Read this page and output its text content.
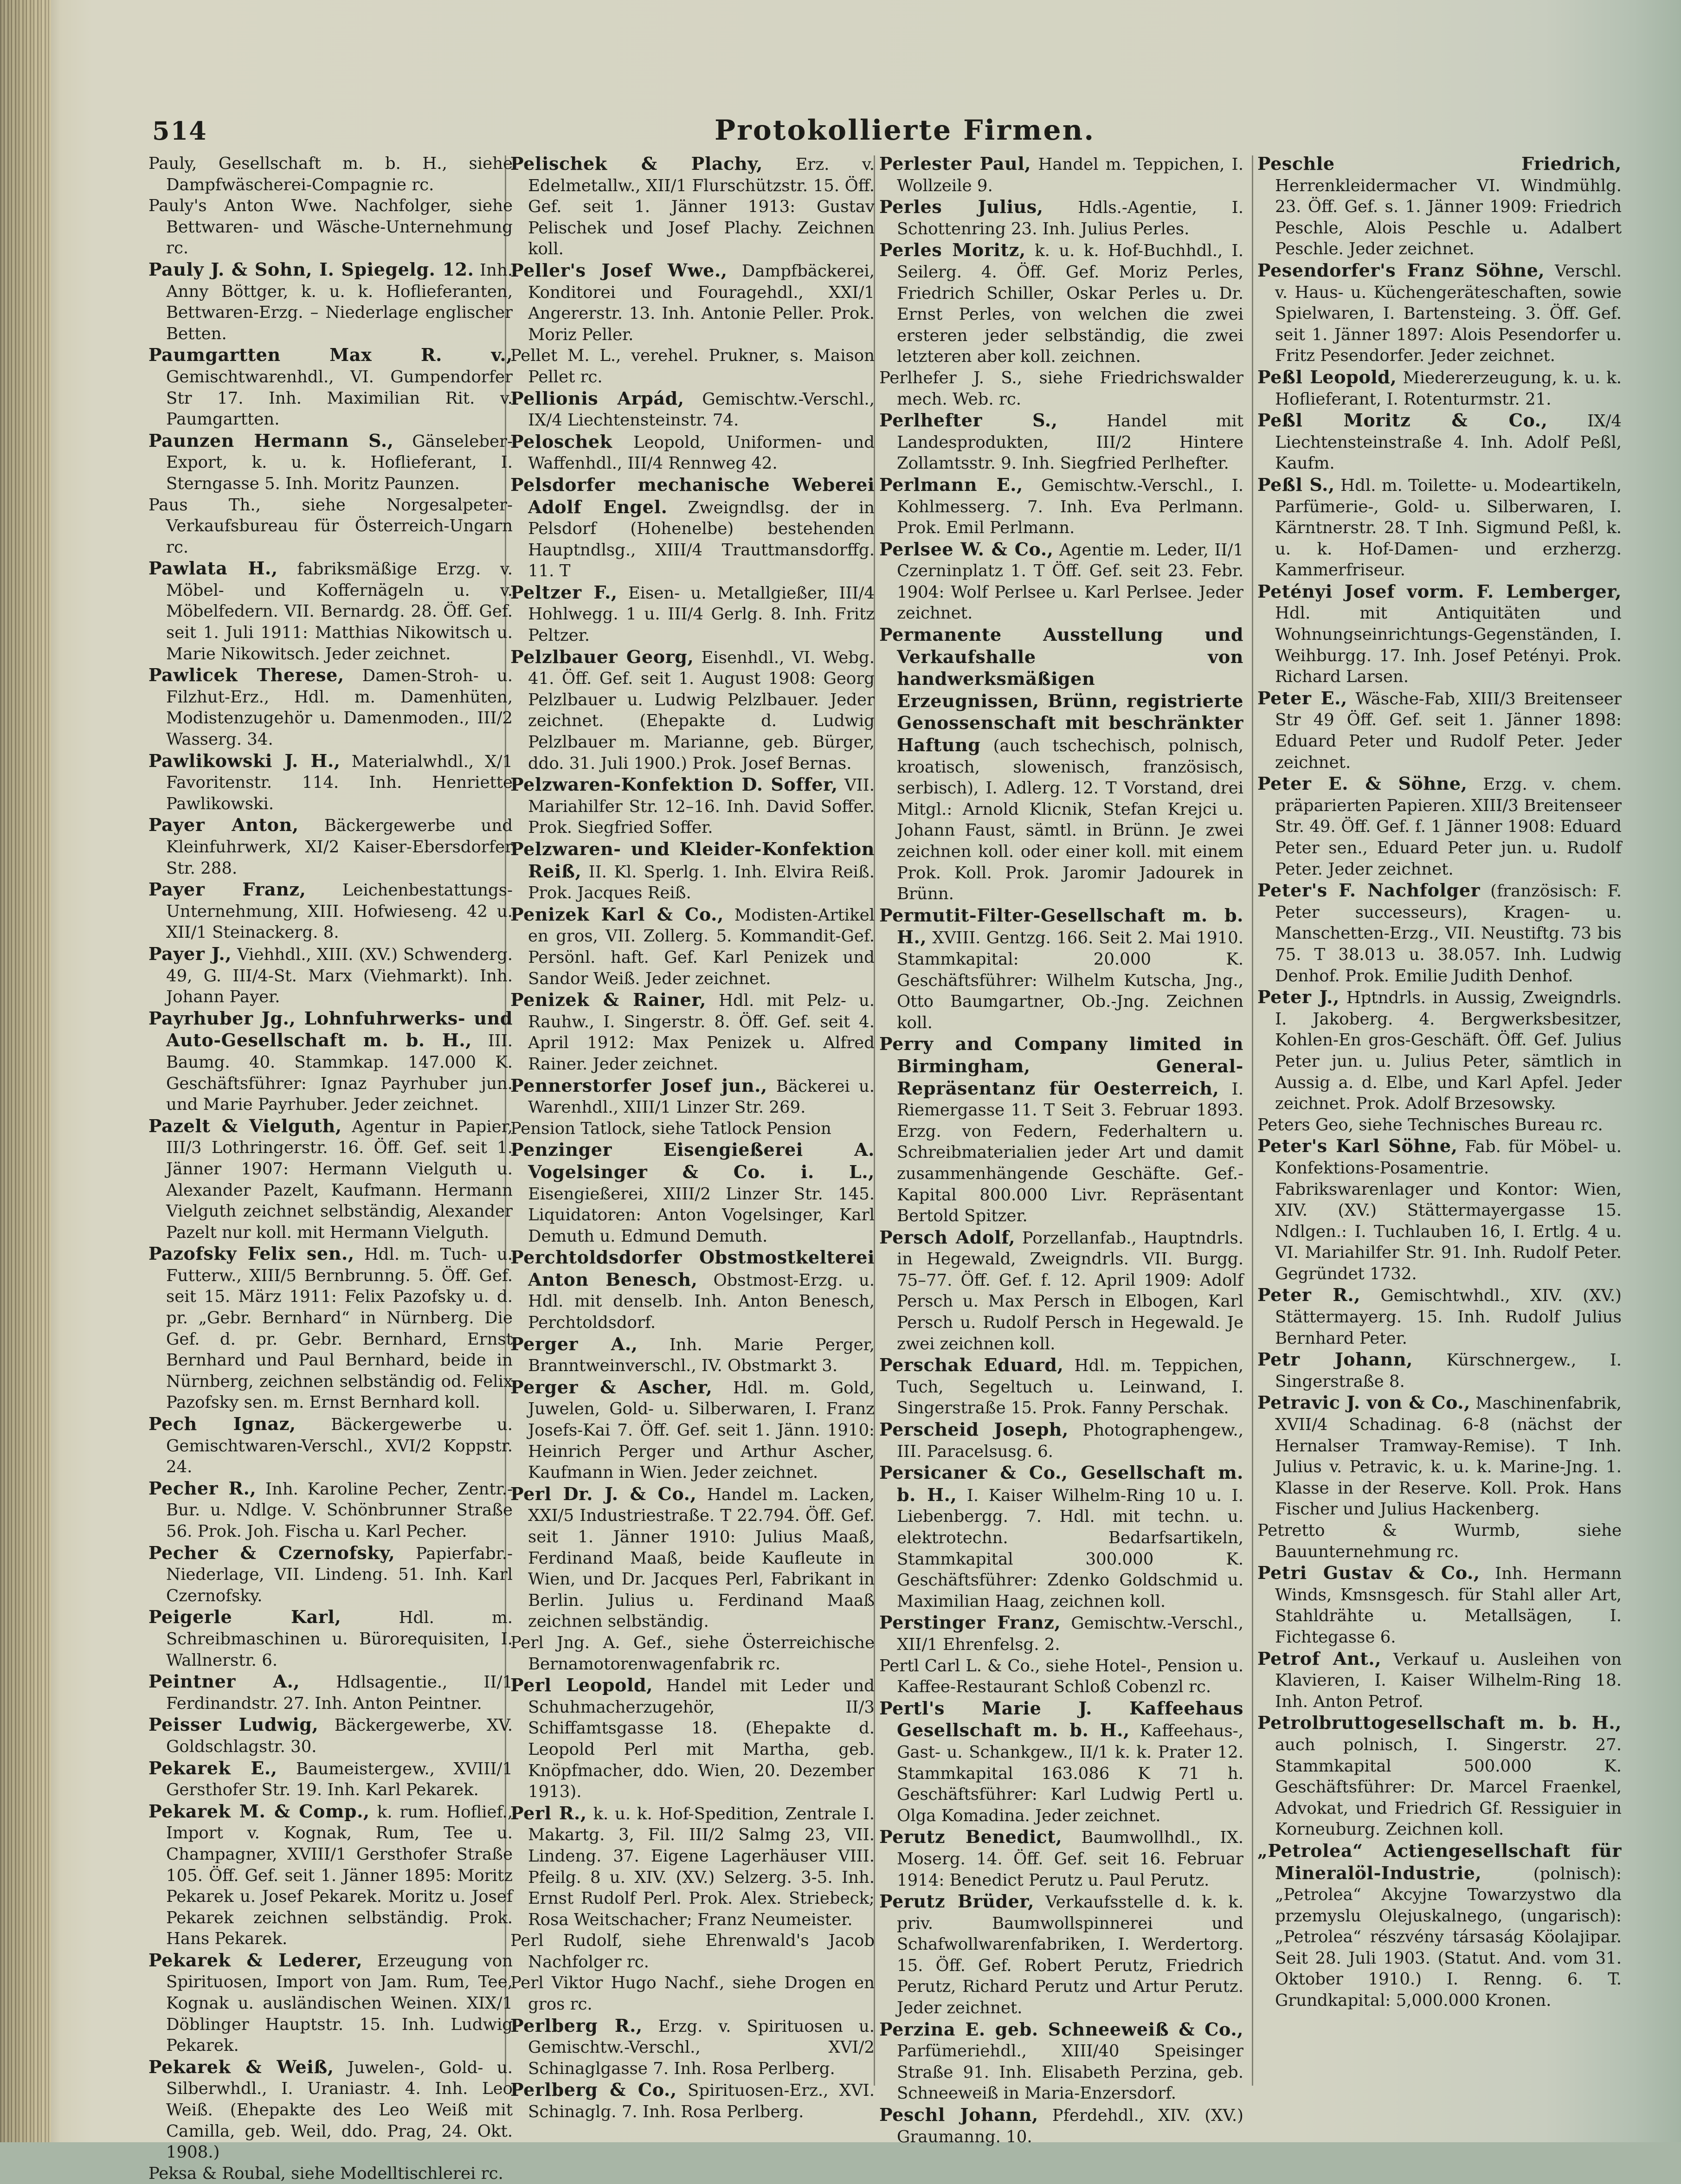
514	Protokollierte Firmen.

Pauly, Gesellschaft m. b. H., siehe Dampfwäscherei-Compagnie rc.

Pauly's Anton Wwe. Nachfolger, siehe Bettwaren- und Wäsche-Unternehmung rc.

Pauly J. & Sohn, I. Spiegelg. 12. Inh. Anny Böttger, k. u. k. Hoflieferanten, Bettwaren-Erzg. – Niederlage englischer Betten.

Paumgartten Max R. v., Gemischtwarenhdl., VI. Gumpendorfer Str 17. Inh. Maximilian Rit. v. Paumgartten.

Paunzen Hermann S., Gänseleber-Export, k. u. k. Hoflieferant, I. Sterngasse 5. Inh. Moritz Paunzen.

Paus Th., siehe Norgesalpeter-Verkaufsbureau für Österreich-Ungarn rc.

Pawlata H., fabriksmäßige Erzg. v. Möbel- und Koffernägeln u. v. Möbelfedern. VII. Bernardg. 28. Öff. Gef. seit 1. Juli 1911: Matthias Nikowitsch u. Marie Nikowitsch. Jeder zeichnet.

Pawlicek Therese, Damen-Stroh- u. Filzhut-Erz., Hdl. m. Damenhüten, Modistenzugehör u. Damenmoden., III/2 Wasserg. 34.

Pawlikowski J. H., Materialwhdl., X/1 Favoritenstr. 114. Inh. Henriette Pawlikowski.

Payer Anton, Bäckergewerbe und Kleinfuhrwerk, XI/2 Kaiser-Ebersdorfer Str. 288.

Payer Franz, Leichenbestattungs-Unternehmung, XIII. Hofwieseng. 42 u. XII/1 Steinackerg. 8.

Payer J., Viehhdl., XIII. (XV.) Schwenderg. 49, G. III/4-St. Marx (Viehmarkt). Inh. Johann Payer.

Payrhuber Jg., Lohnfuhrwerks- und Auto-Gesellschaft m. b. H., III. Baumg. 40. Stammkap. 147.000 K. Geschäftsführer: Ignaz Payrhuber jun. und Marie Payrhuber. Jeder zeichnet.

Pazelt & Vielguth, Agentur in Papier, III/3 Lothringerstr. 16. Öff. Gef. seit 1. Jänner 1907: Hermann Vielguth u. Alexander Pazelt, Kaufmann. Hermann Vielguth zeichnet selbständig, Alexander Pazelt nur koll. mit Hermann Vielguth.

Pazofsky Felix sen., Hdl. m. Tuch- u. Futterw., XIII/5 Bernbrunng. 5. Öff. Gef. seit 15. März 1911: Felix Pazofsky u. d. pr. „Gebr. Bernhard“ in Nürnberg. Die Gef. d. pr. Gebr. Bernhard, Ernst Bernhard und Paul Bernhard, beide in Nürnberg, zeichnen selbständig od. Felix Pazofsky sen. m. Ernst Bernhard koll.

Pech Ignaz, Bäckergewerbe u. Gemischtwaren-Verschl., XVI/2 Koppstr. 24.

Pecher R., Inh. Karoline Pecher, Zentr.-Bur. u. Ndlge. V. Schönbrunner Straße 56. Prok. Joh. Fischa u. Karl Pecher.

Pecher & Czernofsky, Papierfabr.-Niederlage, VII. Lindeng. 51. Inh. Karl Czernofsky.

Peigerle Karl, Hdl. m. Schreibmaschinen u. Bürorequisiten, I. Wallnerstr. 6.

Peintner A., Hdlsagentie., II/1 Ferdinandstr. 27. Inh. Anton Peintner.

Peisser Ludwig, Bäckergewerbe, XV. Goldschlagstr. 30.

Pekarek E., Baumeistergew., XVIII/1 Gersthofer Str. 19. Inh. Karl Pekarek.

Pekarek M. & Comp., k. rum. Hoflief., Import v. Kognak, Rum, Tee u. Champagner, XVIII/1 Gersthofer Straße 105. Öff. Gef. seit 1. Jänner 1895: Moritz Pekarek u. Josef Pekarek. Moritz u. Josef Pekarek zeichnen selbständig. Prok. Hans Pekarek.

Pekarek & Lederer, Erzeugung von Spirituosen, Import von Jam. Rum, Tee, Kognak u. ausländischen Weinen. XIX/1 Döblinger Hauptstr. 15. Inh. Ludwig Pekarek.

Pekarek & Weiß, Juwelen-, Gold- u. Silberwhdl., I. Uraniastr. 4. Inh. Leo Weiß. (Ehepakte des Leo Weiß mit Camilla, geb. Weil, ddo. Prag, 24. Okt. 1908.)

Peksa & Roubal, siehe Modelltischlerei rc.

Pelischek & Plachy, Erz. v. Edelmetallw., XII/1 Flurschützstr. 15. Öff. Gef. seit 1. Jänner 1913: Gustav Pelischek und Josef Plachy. Zeichnen koll.

Peller's Josef Wwe., Dampfbäckerei, Konditorei und Fouragehdl., XXI/1 Angererstr. 13. Inh. Antonie Peller. Prok. Moriz Peller.

Pellet M. L., verehel. Prukner, s. Maison Pellet rc.

Pellionis Arpád, Gemischtw.-Verschl., IX/4 Liechtensteinstr. 74.

Peloschek Leopold, Uniformen- und Waffenhdl., III/4 Rennweg 42.

Pelsdorfer mechanische Weberei Adolf Engel. Zweigndlsg. der in Pelsdorf (Hohenelbe) bestehenden Hauptndlsg., XIII/4 Trauttmansdorffg. 11. T

Peltzer F., Eisen- u. Metallgießer, III/4 Hohlwegg. 1 u. III/4 Gerlg. 8. Inh. Fritz Peltzer.

Pelzlbauer Georg, Eisenhdl., VI. Webg. 41. Öff. Gef. seit 1. August 1908: Georg Pelzlbauer u. Ludwig Pelzlbauer. Jeder zeichnet. (Ehepakte d. Ludwig Pelzlbauer m. Marianne, geb. Bürger, ddo. 31. Juli 1900.) Prok. Josef Bernas.

Pelzwaren-Konfektion D. Soffer, VII. Mariahilfer Str. 12–16. Inh. David Soffer. Prok. Siegfried Soffer.

Pelzwaren- und Kleider-Konfektion Reiß, II. Kl. Sperlg. 1. Inh. Elvira Reiß. Prok. Jacques Reiß.

Penizek Karl & Co., Modisten-Artikel en gros, VII. Zollerg. 5. Kommandit-Gef. Persönl. haft. Gef. Karl Penizek und Sandor Weiß. Jeder zeichnet.

Penizek & Rainer, Hdl. mit Pelz- u. Rauhw., I. Singerstr. 8. Öff. Gef. seit 4. April 1912: Max Penizek u. Alfred Rainer. Jeder zeichnet.

Pennerstorfer Josef jun., Bäckerei u. Warenhdl., XIII/1 Linzer Str. 269.

Pension Tatlock, siehe Tatlock Pension

Penzinger Eisengießerei A. Vogelsinger & Co. i. L., Eisengießerei, XIII/2 Linzer Str. 145. Liquidatoren: Anton Vogelsinger, Karl Demuth u. Edmund Demuth.

Perchtoldsdorfer Obstmostkelterei Anton Benesch, Obstmost-Erzg. u. Hdl. mit denselb. Inh. Anton Benesch, Perchtoldsdorf.

Perger A., Inh. Marie Perger, Branntweinverschl., IV. Obstmarkt 3.

Perger & Ascher, Hdl. m. Gold, Juwelen, Gold- u. Silberwaren, I. Franz Josefs-Kai 7. Öff. Gef. seit 1. Jänn. 1910: Heinrich Perger und Arthur Ascher, Kaufmann in Wien. Jeder zeichnet.

Perl Dr. J. & Co., Handel m. Lacken, XXI/5 Industriestraße. T 22.794. Öff. Gef. seit 1. Jänner 1910: Julius Maaß, Ferdinand Maaß, beide Kaufleute in Wien, und Dr. Jacques Perl, Fabrikant in Berlin. Julius u. Ferdinand Maaß zeichnen selbständig.

Perl Jng. A. Gef., siehe Österreichische Bernamotorenwagenfabrik rc.

Perl Leopold, Handel mit Leder und Schuhmacherzugehör, II/3 Schiffamtsgasse 18. (Ehepakte d. Leopold Perl mit Martha, geb. Knöpfmacher, ddo. Wien, 20. Dezember 1913).

Perl R., k. u. k. Hof-Spedition, Zentrale I. Makartg. 3, Fil. III/2 Salmg 23, VII. Lindeng. 37. Eigene Lagerhäuser VIII. Pfeilg. 8 u. XIV. (XV.) Selzerg. 3-5. Inh. Ernst Rudolf Perl. Prok. Alex. Striebeck; Rosa Weitschacher; Franz Neumeister.

Perl Rudolf, siehe Ehrenwald's Jacob Nachfolger rc.

Perl Viktor Hugo Nachf., siehe Drogen en gros rc.

Perlberg R., Erzg. v. Spirituosen u. Gemischtw.-Verschl., XVI/2 Schinaglgasse 7. Inh. Rosa Perlberg.

Perlberg & Co., Spirituosen-Erz., XVI. Schinaglg. 7. Inh. Rosa Perlberg.

Perlester Paul, Handel m. Teppichen, I. Wollzeile 9.

Perles Julius, Hdls.-Agentie, I. Schottenring 23. Inh. Julius Perles.

Perles Moritz, k. u. k. Hof-Buchhdl., I. Seilerg. 4. Öff. Gef. Moriz Perles, Friedrich Schiller, Oskar Perles u. Dr. Ernst Perles, von welchen die zwei ersteren jeder selbständig, die zwei letzteren aber koll. zeichnen.

Perlhefer J. S., siehe Friedrichswalder mech. Web. rc.

Perlhefter S., Handel mit Landesprodukten, III/2 Hintere Zollamtsstr. 9. Inh. Siegfried Perlhefter.

Perlmann E., Gemischtw.-Verschl., I. Kohlmesserg. 7. Inh. Eva Perlmann. Prok. Emil Perlmann.

Perlsee W. & Co., Agentie m. Leder, II/1 Czerninplatz 1. T Öff. Gef. seit 23. Febr. 1904: Wolf Perlsee u. Karl Perlsee. Jeder zeichnet.

Permanente Ausstellung und Verkaufshalle von handwerksmäßigen Erzeugnissen, Brünn, registrierte Genossenschaft mit beschränkter Haftung (auch tschechisch, polnisch, kroatisch, slowenisch, französisch, serbisch), I. Adlerg. 12. T Vorstand, drei Mitgl.: Arnold Klicnik, Stefan Krejci u. Johann Faust, sämtl. in Brünn. Je zwei zeichnen koll. oder einer koll. mit einem Prok. Koll. Prok. Jaromir Jadourek in Brünn.

Permutit-Filter-Gesellschaft m. b. H., XVIII. Gentzg. 166. Seit 2. Mai 1910. Stammkapital: 20.000 K. Geschäftsführer: Wilhelm Kutscha, Jng., Otto Baumgartner, Ob.-Jng. Zeichnen koll.

Perry and Company limited in Birmingham, General-Repräsentanz für Oesterreich, I. Riemergasse 11. T Seit 3. Februar 1893. Erzg. von Federn, Federhaltern u. Schreibmaterialien jeder Art und damit zusammenhängende Geschäfte. Gef.-Kapital 800.000 Livr. Repräsentant Bertold Spitzer.

Persch Adolf, Porzellanfab., Hauptndrls. in Hegewald, Zweigndrls. VII. Burgg. 75–77. Öff. Gef. f. 12. April 1909: Adolf Persch u. Max Persch in Elbogen, Karl Persch u. Rudolf Persch in Hegewald. Je zwei zeichnen koll.

Perschak Eduard, Hdl. m. Teppichen, Tuch, Segeltuch u. Leinwand, I. Singerstraße 15. Prok. Fanny Perschak.

Perscheid Joseph, Photographengew., III. Paracelsusg. 6.

Persicaner & Co., Gesellschaft m. b. H., I. Kaiser Wilhelm-Ring 10 u. I. Liebenbergg. 7. Hdl. mit techn. u. elektrotechn. Bedarfsartikeln, Stammkapital 300.000 K. Geschäftsführer: Zdenko Goldschmid u. Maximilian Haag, zeichnen koll.

Perstinger Franz, Gemischtw.-Verschl., XII/1 Ehrenfelsg. 2.

Pertl Carl L. & Co., siehe Hotel-, Pension u. Kaffee-Restaurant Schloß Cobenzl rc.

Pertl's Marie J. Kaffeehaus Gesellschaft m. b. H., Kaffeehaus-, Gast- u. Schankgew., II/1 k. k. Prater 12. Stammkapital 163.086 K 71 h. Geschäftsführer: Karl Ludwig Pertl u. Olga Komadina. Jeder zeichnet.

Perutz Benedict, Baumwollhdl., IX. Moserg. 14. Öff. Gef. seit 16. Februar 1914: Benedict Perutz u. Paul Perutz.

Perutz Brüder, Verkaufsstelle d. k. k. priv. Baumwollspinnerei und Schafwollwarenfabriken, I. Werdertorg. 15. Öff. Gef. Robert Perutz, Friedrich Perutz, Richard Perutz und Artur Perutz. Jeder zeichnet.

Perzina E. geb. Schneeweiß & Co., Parfümeriehdl., XIII/40 Speisinger Straße 91. Inh. Elisabeth Perzina, geb. Schneeweiß in Maria-Enzersdorf.

Peschl Johann, Pferdehdl., XIV. (XV.) Graumanng. 10.

Peschle Friedrich, Herrenkleidermacher VI. Windmühlg. 23. Öff. Gef. s. 1. Jänner 1909: Friedrich Peschle, Alois Peschle u. Adalbert Peschle. Jeder zeichnet.

Pesendorfer's Franz Söhne, Verschl. v. Haus- u. Küchengeräteschaften, sowie Spielwaren, I. Bartensteing. 3. Öff. Gef. seit 1. Jänner 1897: Alois Pesendorfer u. Fritz Pesendorfer. Jeder zeichnet.

Peßl Leopold, Miedererzeugung, k. u. k. Hoflieferant, I. Rotenturmstr. 21.

Peßl Moritz & Co., IX/4 Liechtensteinstraße 4. Inh. Adolf Peßl, Kaufm.

Peßl S., Hdl. m. Toilette- u. Modeartikeln, Parfümerie-, Gold- u. Silberwaren, I. Kärntnerstr. 28. T Inh. Sigmund Peßl, k. u. k. Hof-Damen- und erzherzg. Kammerfriseur.

Petényi Josef vorm. F. Lemberger, Hdl. mit Antiquitäten und Wohnungseinrichtungs-Gegenständen, I. Weihburgg. 17. Inh. Josef Petényi. Prok. Richard Larsen.

Peter E., Wäsche-Fab, XIII/3 Breitenseer Str 49 Öff. Gef. seit 1. Jänner 1898: Eduard Peter und Rudolf Peter. Jeder zeichnet.

Peter E. & Söhne, Erzg. v. chem. präparierten Papieren. XIII/3 Breitenseer Str. 49. Öff. Gef. f. 1 Jänner 1908: Eduard Peter sen., Eduard Peter jun. u. Rudolf Peter. Jeder zeichnet.

Peter's F. Nachfolger (französisch: F. Peter successeurs), Kragen- u. Manschetten-Erzg., VII. Neustiftg. 73 bis 75. T 38.013 u. 38.057. Inh. Ludwig Denhof. Prok. Emilie Judith Denhof.

Peter J., Hptndrls. in Aussig, Zweigndrls. I. Jakoberg. 4. Bergwerksbesitzer, Kohlen-En gros-Geschäft. Öff. Gef. Julius Peter jun. u. Julius Peter, sämtlich in Aussig a. d. Elbe, und Karl Apfel. Jeder zeichnet. Prok. Adolf Brzesowsky.

Peters Geo, siehe Technisches Bureau rc.

Peter's Karl Söhne, Fab. für Möbel- u. Konfektions-Posamentrie. Fabrikswarenlager und Kontor: Wien, XIV. (XV.) Stättermayergasse 15. Ndlgen.: I. Tuchlauben 16, I. Ertlg. 4 u. VI. Mariahilfer Str. 91. Inh. Rudolf Peter. Gegründet 1732.

Peter R., Gemischtwhdl., XIV. (XV.) Stättermayerg. 15. Inh. Rudolf Julius Bernhard Peter.

Petr Johann, Kürschnergew., I. Singerstraße 8.

Petravic J. von & Co., Maschinenfabrik, XVII/4 Schadinag. 6-8 (nächst der Hernalser Tramway-Remise). T Inh. Julius v. Petravic, k. u. k. Marine-Jng. 1. Klasse in der Reserve. Koll. Prok. Hans Fischer und Julius Hackenberg.

Petretto & Wurmb, siehe Bauunternehmung rc.

Petri Gustav & Co., Inh. Hermann Winds, Kmsnsgesch. für Stahl aller Art, Stahldrähte u. Metallsägen, I. Fichtegasse 6.

Petrof Ant., Verkauf u. Ausleihen von Klavieren, I. Kaiser Wilhelm-Ring 18. Inh. Anton Petrof.

Petrolbruttogesellschaft m. b. H., auch polnisch, I. Singerstr. 27. Stammkapital 500.000 K. Geschäftsführer: Dr. Marcel Fraenkel, Advokat, und Friedrich Gf. Ressiguier in Korneuburg. Zeichnen koll.

„Petrolea“ Actiengesellschaft für Mineralöl-Industrie, (polnisch): „Petrolea“ Akcyjne Towarzystwo dla przemyslu Olejuskalnego, (ungarisch): „Petrolea“ részvény társaság Köolajipar. Seit 28. Juli 1903. (Statut. And. vom 31. Oktober 1910.) I. Renng. 6. T. Grundkapital: 5,000.000 Kronen.
